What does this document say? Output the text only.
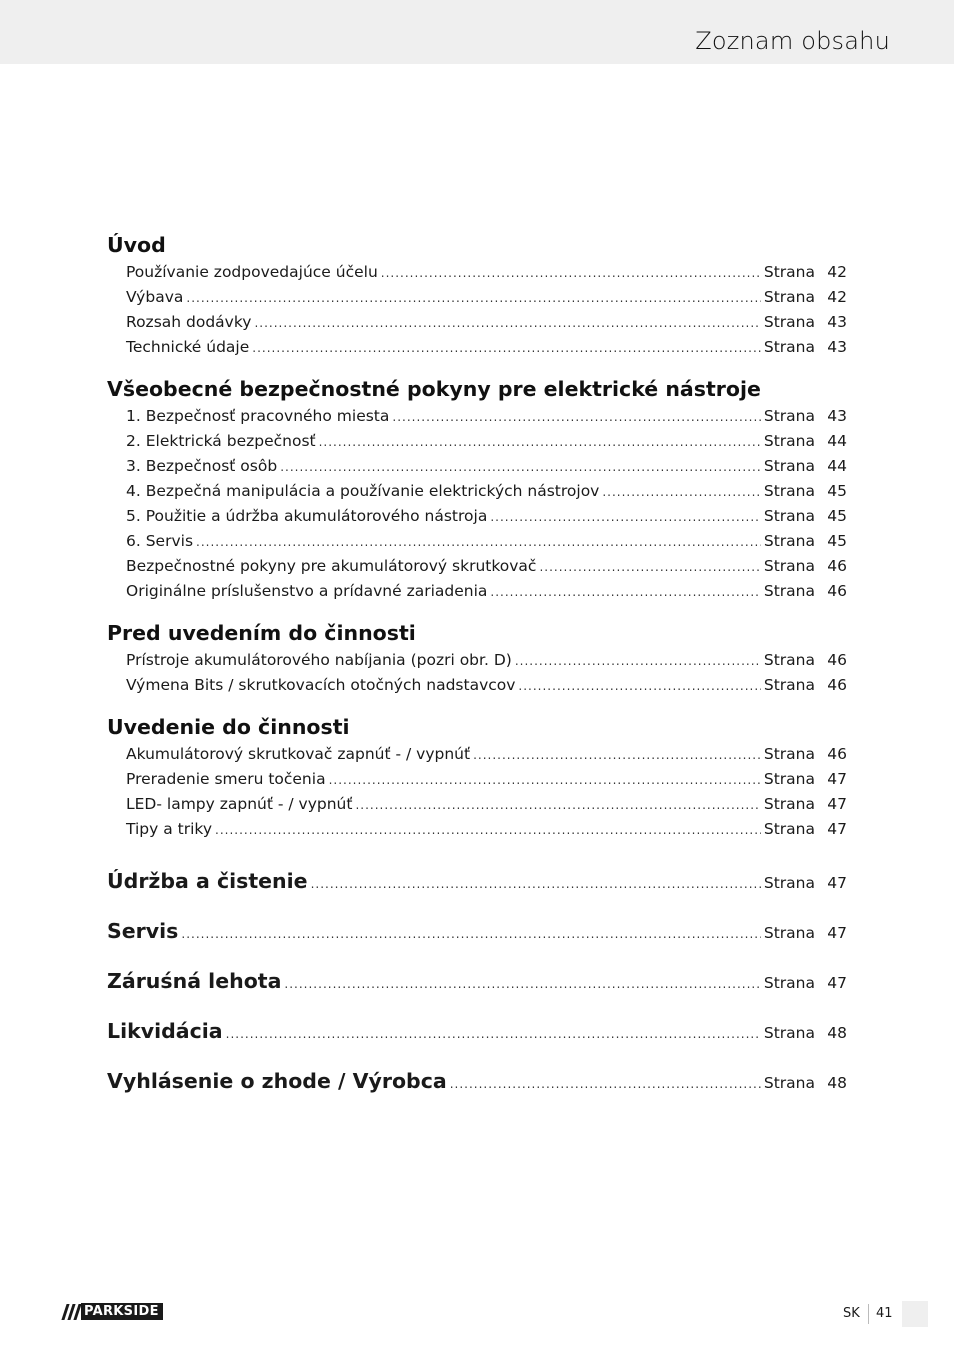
Zoznam obsahu
Úvod
Používanie zodpovedajúce účelu .....	Strana 42
Výbava .....	Strana 42
Rozsah dodávky .....	Strana 43
Technické údaje .....	Strana 43
Všeobecné bezpečnostné pokyny pre elektrické nástroje
1. Bezpečnosť pracovného miesta .....	Strana 43
2. Elektrická bezpečnosť .....	Strana 44
3. Bezpečnosť osôb .....	Strana 44
4. Bezpečná manipulácia a používanie elektrických nástrojov .....	Strana 45
5. Použitie a údržba akumulátorového nástroja .....	Strana 45
6. Servis .....	Strana 45
Bezpečnostné pokyny pre akumulátorový skrutkovač .....	Strana 46
Originálne príslušenstvo a prídavné zariadenia .....	Strana 46
Pred uvedením do činnosti
Prístroje akumulátorového nabíjania (pozri obr. D) .....	Strana 46
Výmena Bits / skrutkovacích otočných nadstavcov .....	Strana 46
Uvedenie do činnosti
Akumulátorový skrutkovač zapnúť - / vypnúť .....	Strana 46
Preradenie smeru točenia .....	Strana 47
LED- lampy zapnúť - / vypnúť .....	Strana 47
Tipy a triky .....	Strana 47
Údržba a čistenie .....	Strana 47
Servis .....	Strana 47
Záruśná lehota .....	Strana 47
Likvidácia .....	Strana 48
Vyhlásenie o zhode / Výrobca .....	Strana 48
PARKSIDE	SK 41
